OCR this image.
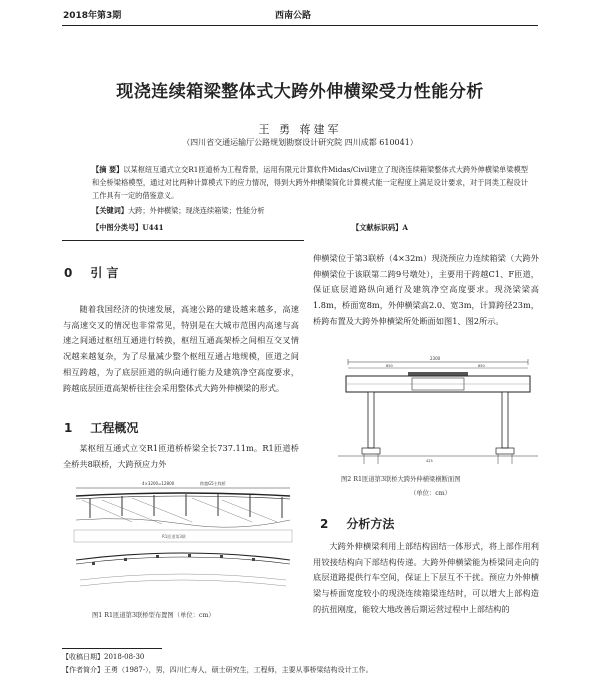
2018年第3期	西南公路
现浇连续箱梁整体式大跨外伸横梁受力性能分析
王 勇 蒋建军
（四川省交通运输厅公路规划勘察设计研究院 四川成都 610041）
【摘 要】以某枢纽互通式立交R1匝道桥为工程背景，运用有限元计算软件Midas/Civil建立了现浇连续箱梁整体式大跨外伸横梁单梁模型和全桥梁格模型，通过对比两种计算模式下的应力情况，得到大跨外伸横梁简化计算模式能一定程度上满足设计要求，对于同类工程设计工作具有一定的借鉴意义。
【关键词】大跨；外伸横梁；现浇连续箱梁；性能分析
【中图分类号】U441	【文献标识码】A
0 引 言
随着我国经济的快速发展，高速公路的建设越来越多，高速与高速交叉的情况也非常常见，特别是在大城市范围内高速与高速之间通过枢纽互通进行转换，枢纽互通高架桥之间相互交叉情况越来越复杂，为了尽量减少整个枢纽互通占地规模，匝道之间相互跨越，为了底层匝道的纵向通行能力及建筑净空高度要求，跨越底层匝道高架桥往往会采用整体式大跨外伸横梁的形式。
1 工程概况
某枢纽互通式立交R1匝道桥桥梁全长737.11m。R1匝道桥全桥共8联桥，大跨预应力外
4×3200=12800	跨越G5主线桥
R1匝道第3联
图1 R1匝道第3联桥型布置图（单位：cm）
伸横梁位于第3联桥（4×32m）现浇预应力连续箱梁（大跨外伸横梁位于该联第二跨9号墩处），主要用于跨越C1、F匝道，保证底层道路纵向通行及建筑净空高度要求。现浇梁梁高1.8m，桥面宽8m，外伸横梁高2.0、宽3m，计算跨径23m，桥跨布置及大跨外伸横梁所处断面如图1、图2所示。
2300
850	850
425
图2 R1匝道第3联桥大跨外伸横梁横断面图
（单位：cm）
2 分析方法
大跨外伸横梁利用上部结构固结一体形式，将上部作用利用铰接结构向下部结构传递。大跨外伸横梁能为桥梁同走向的底层道路提供行车空间，保证上下层互不干扰。预应力外伸横梁与桥面宽度较小的现浇连续箱梁连结时，可以增大上部构造的抗扭刚度，能较大地改善后期运营过程中上部结构的
【收稿日期】2018-08-30
【作者简介】王勇（1987-），男，四川仁寿人，硕士研究生，工程师，主要从事桥梁结构设计工作。
